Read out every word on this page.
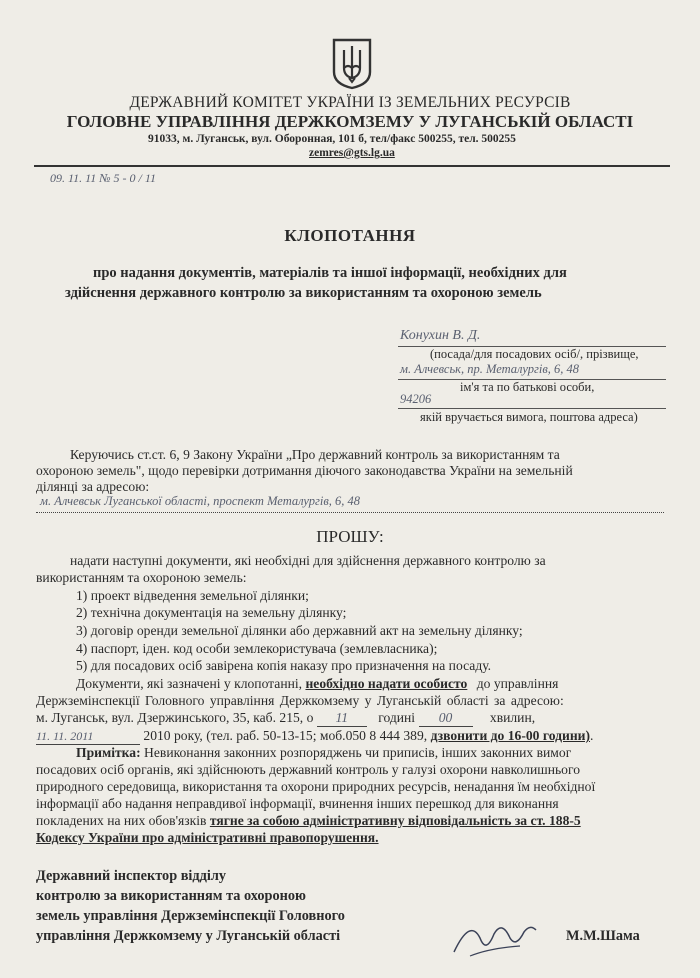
ДЕРЖАВНИЙ КОМІТЕТ УКРАЇНИ ІЗ ЗЕМЕЛЬНИХ РЕСУРСІВ
ГОЛОВНЕ УПРАВЛІННЯ ДЕРЖКОМЗЕМУ У ЛУГАНСЬКІЙ ОБЛАСТІ
91033, м. Луганськ, вул. Оборонная, 101 б, тел/факс 500255, тел. 500255
zemres@gts.lg.ua
09. 11. 11 № 5 - 0 / 11
КЛОПОТАННЯ
про надання документів, матеріалів та іншої інформації, необхідних для
здійснення державного контролю за використанням та охороною земель
Конухин В. Д.
(посада/для посадових осіб/, прізвище,
м. Алчевськ, пр. Металургів, 6, 48
ім'я та по батькові особи,
94206
якій вручається вимога, поштова адреса)
Керуючись ст.ст. 6, 9 Закону України „Про державний контроль за використанням та
охороною земель", щодо перевірки дотримання діючого законодавства України на земельній
ділянці за адресою:
м. Алчевськ Луганської області, проспект Металургів, 6, 48
ПРОШУ:
надати наступні документи, які необхідні для здійснення державного контролю за
використанням та охороною земель:
1) проект відведення земельної ділянки;
2) технічна документація на земельну ділянку;
3) договір оренди земельної ділянки або державний акт на земельну ділянку;
4) паспорт, іден. код особи землекористувача (землевласника);
5) для посадових осіб завірена копія наказу про призначення на посаду.
Документи, які зазначені у клопотанні, необхідно надати особисто до управління
Держземінспекції Головного управління Держкомзему у Луганській області за адресою:
м. Луганськ, вул. Дзержинського, 35, каб. 215, о 11 годині 00	хвилин,
11. 11. 2011	2010 року, (тел. раб. 50-13-15; моб.050 8 444 389, дзвонити до 16-00 години).
Примітка: Невиконання законних розпоряджень чи приписів, інших законних вимог
посадових осіб органів, які здійснюють державний контроль у галузі охорони навколишнього
природного середовища, використання та охорони природних ресурсів, ненадання їм необхідної
інформації або надання неправдивої інформації, вчинення інших перешкод для виконання
покладених на них обов'язків тягне за собою адміністративну відповідальність за ст. 188-5
Кодексу України про адміністративні правопорушення.
Державний інспектор відділу
контролю за використанням та охороною
земель управління Держземінспекції Головного
управління Держкомзему у Луганській області	М.М.Шама
